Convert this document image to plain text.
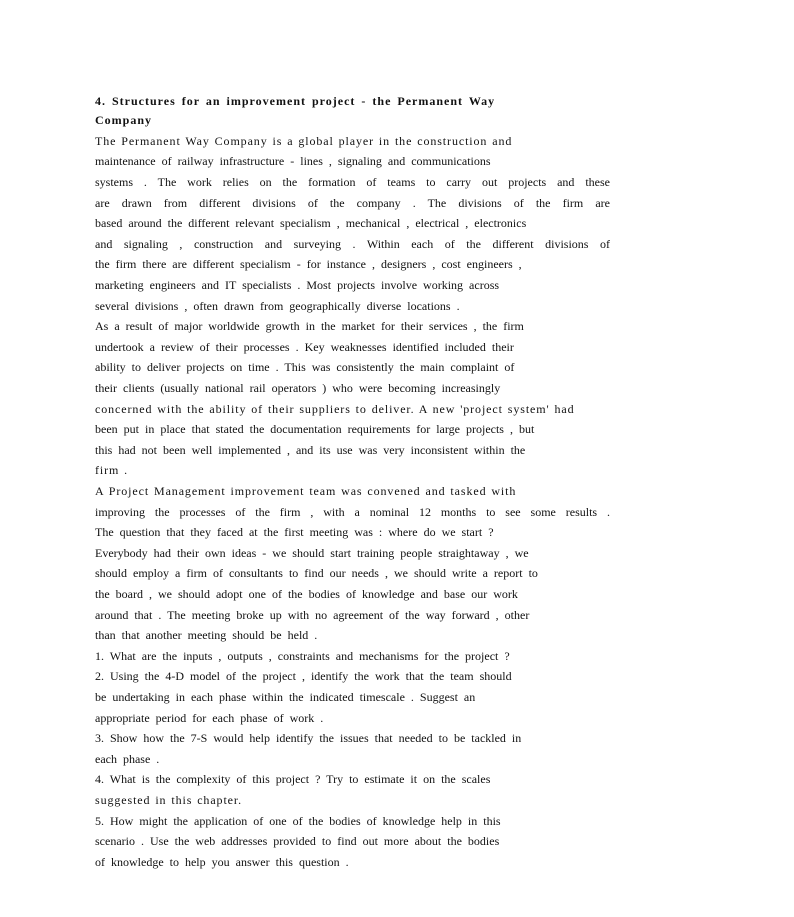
4. Structures for an improvement project - the Permanent Way

Company

The Permanent Way Company is a global player in the construction and

maintenance of railway infrastructure - lines , signaling and communications

systems . The work relies on the formation of teams to carry out projects and these

are drawn from different divisions of the company . The divisions of the firm are

based around the different relevant specialism , mechanical , electrical , electronics

and signaling , construction and surveying . Within each of the different divisions of

the firm there are different specialism - for instance , designers , cost engineers ,

marketing engineers and IT specialists . Most projects involve working across

several divisions , often drawn from geographically diverse locations .

As a result of major worldwide growth in the market for their services , the firm

undertook a review of their processes . Key weaknesses identified included their

ability to deliver projects on time . This was consistently the main complaint of

their clients (usually national rail operators ) who were becoming increasingly

concerned with the ability of their suppliers to deliver. A new 'project system' had

been put in place that stated the documentation requirements for large projects , but

this had not been well implemented , and its use was very inconsistent within the

firm .

A Project Management improvement team was convened and tasked with

improving the processes of the firm , with a nominal 12 months to see some results .

The question that they faced at the first meeting was : where do we start ?

Everybody had their own ideas - we should start training people straightaway , we

should employ a firm of consultants to find our needs , we should write a report to

the board , we should adopt one of the bodies of knowledge and base our work

around that . The meeting broke up with no agreement of the way forward , other

than that another meeting should be held .

1. What are the inputs , outputs , constraints and mechanisms for the project ?

2. Using the 4-D model of the project , identify the work that the team should

be undertaking in each phase within the indicated timescale . Suggest an

appropriate period for each phase of work .

3. Show how the 7-S would help identify the issues that needed to be tackled in

each phase .

4. What is the complexity of this project ? Try to estimate it on the scales

suggested in this chapter.

5. How might the application of one of the bodies of knowledge help in this

scenario . Use the web addresses provided to find out more about the bodies

of knowledge to help you answer this question .
